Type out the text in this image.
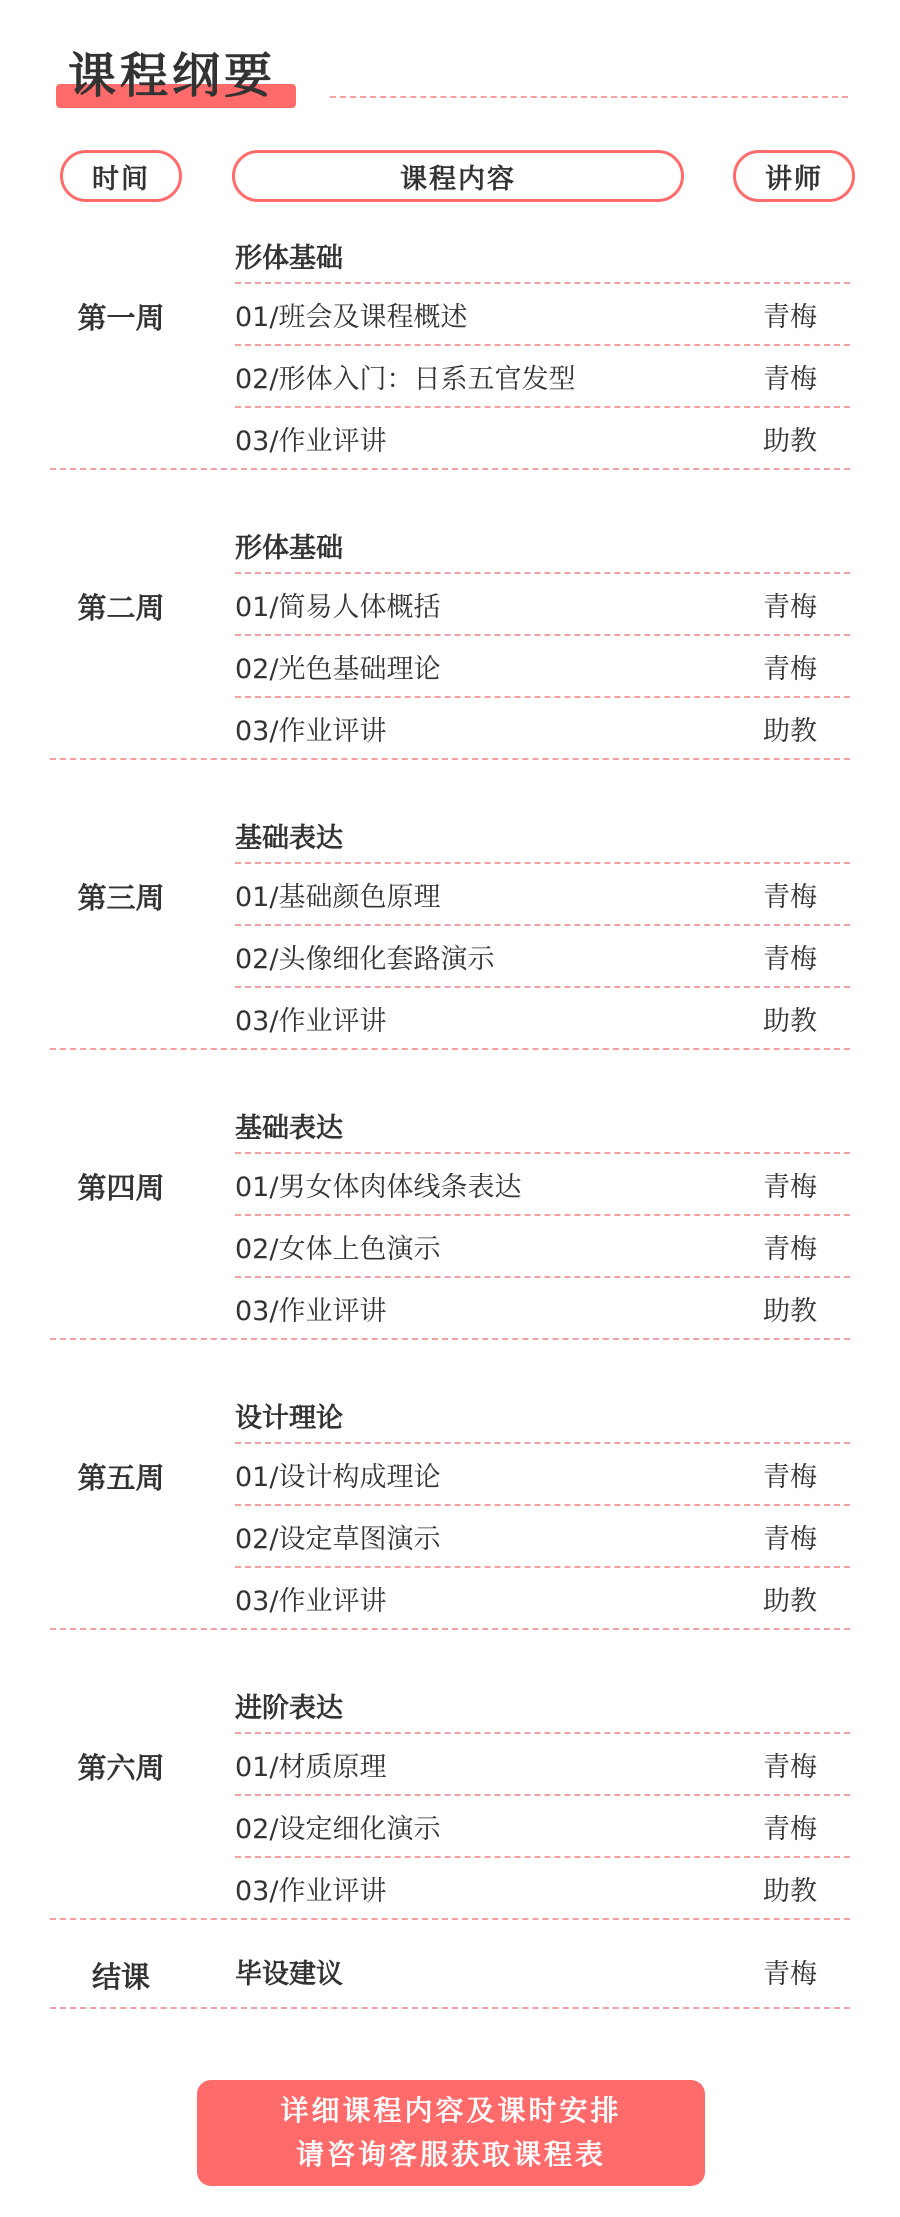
课程纲要
时间	课程内容	讲师
形体基础
第一周	01/班会及课程概述	青梅
02/形体入门：日系五官发型	青梅
03/作业评讲	助教
形体基础
第二周	01/简易人体概括	青梅
02/光色基础理论	青梅
03/作业评讲	助教
基础表达
第三周	01/基础颜色原理	青梅
02/头像细化套路演示	青梅
03/作业评讲	助教
基础表达
第四周	01/男女体肉体线条表达	青梅
02/女体上色演示	青梅
03/作业评讲	助教
设计理论
第五周	01/设计构成理论	青梅
02/设定草图演示	青梅
03/作业评讲	助教
进阶表达
第六周	01/材质原理	青梅
02/设定细化演示	青梅
03/作业评讲	助教
结课	毕设建议	青梅
详细课程内容及课时安排
请咨询客服获取课程表
